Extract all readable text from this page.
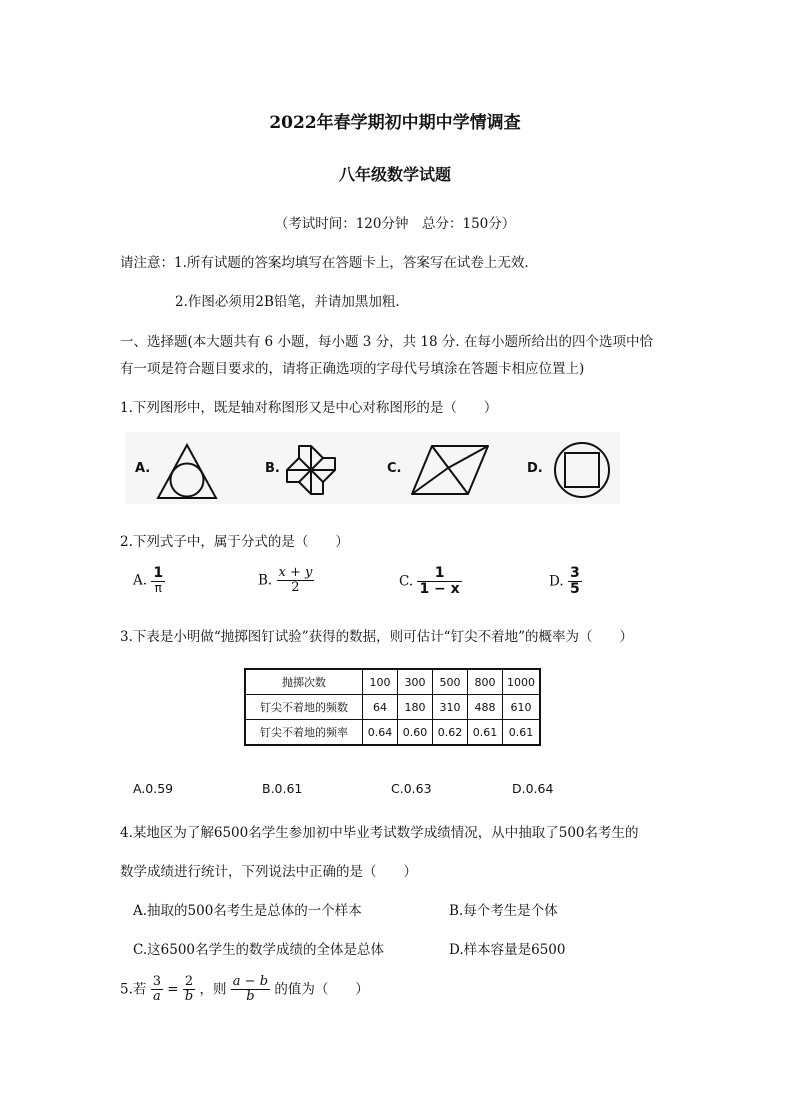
2022年春学期初中期中学情调查
八年级数学试题
（考试时间：120分钟　总分：150分）
请注意：1.所有试题的答案均填写在答题卡上，答案写在试卷上无效.
2.作图必须用2B铅笔，并请加黑加粗.
一、选择题(本大题共有 6 小题，每小题 3 分，共 18 分. 在每小题所给出的四个选项中恰
有一项是符合题目要求的，请将正确选项的字母代号填涂在答题卡相应位置上)
1.下列图形中，既是轴对称图形又是中心对称图形的是（　　）
A.	B.	C.	D.
2.下列式子中，属于分式的是（　　）
A. $\frac{1}{\pi}$	B. $\frac{x + y}{2}$	C. $\frac{1}{1 - x}$	D. $\frac{3}{5}$
3.下表是小明做“抛掷图钉试验”获得的数据，则可估计“钉尖不着地”的概率为（　　）
抛掷次数	100	300	500	800	1000
钉尖不着地的频数	64	180	310	488	610
钉尖不着地的频率	0.64	0.60	0.62	0.61	0.61
A.0.59	B.0.61	C.0.63	D.0.64
4.某地区为了解6500名学生参加初中毕业考试数学成绩情况，从中抽取了500名考生的
数学成绩进行统计，下列说法中正确的是（　　）
A.抽取的500名考生是总体的一个样本	B.每个考生是个体
C.这6500名学生的数学成绩的全体是总体	D.样本容量是6500
5.若 $\frac{3}{a} = \frac{2}{b}$ ，则 $\frac{a - b}{b}$ 的值为（　　）
